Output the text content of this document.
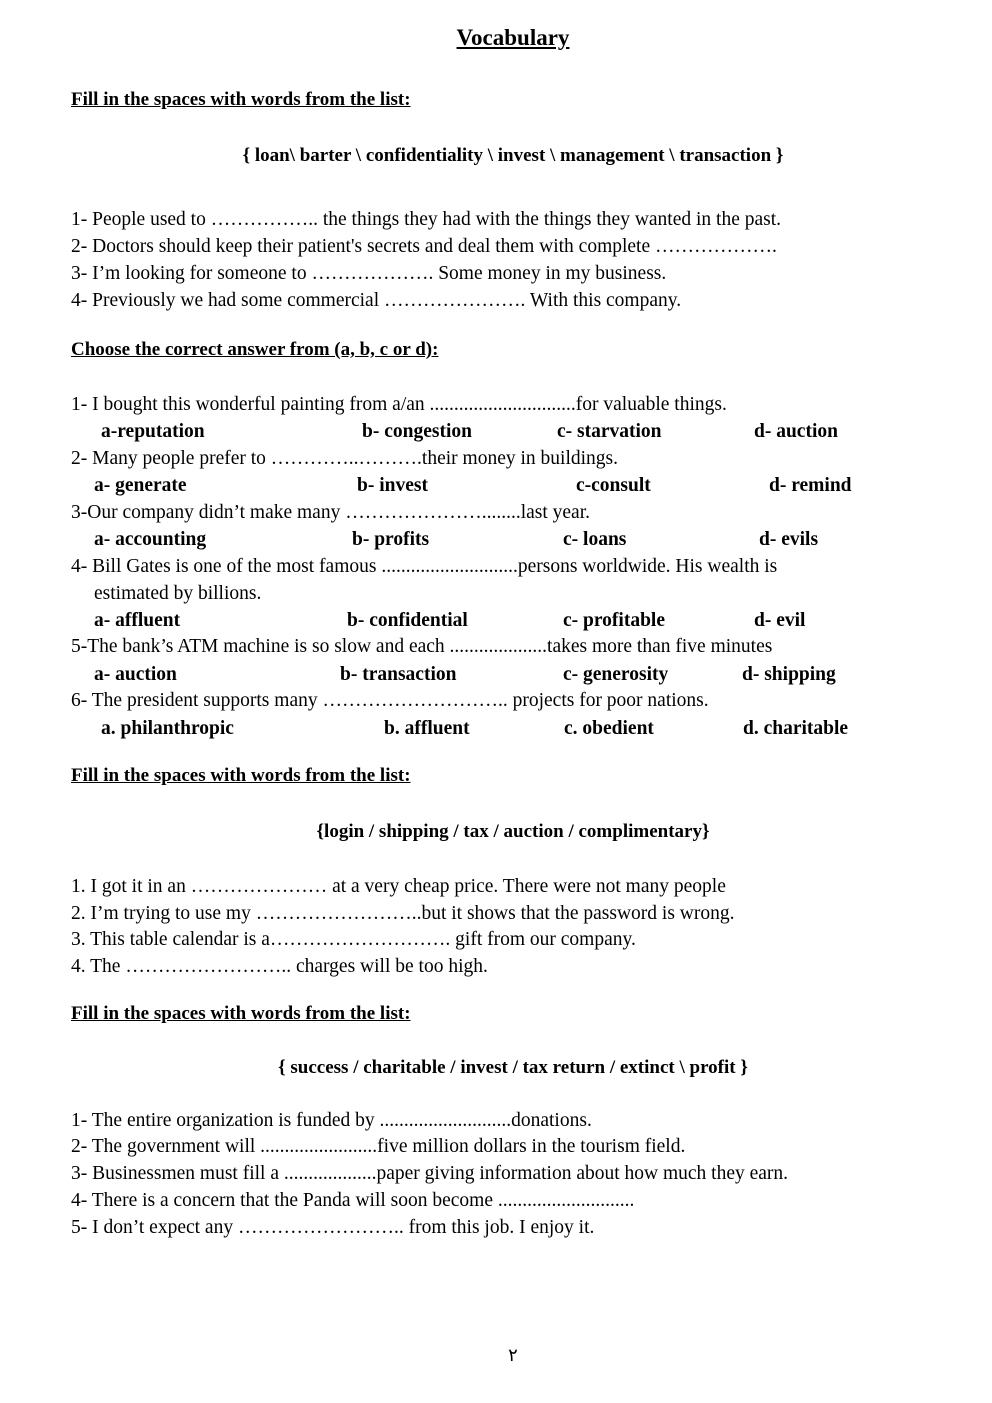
Vocabulary
Fill in the spaces with words from the list:
{ loan\ barter \ confidentiality \ invest \ management \ transaction }
1- People used to …………….. the things they had with the things they wanted in the past.
2- Doctors should keep their patient's secrets and deal them with complete ……………….
3- I’m looking for someone to ………………. Some money in my business.
4- Previously we had some commercial …………………. With this company.
Choose the correct answer from (a, b, c or d):
1- I bought this wonderful painting from a/an ..............................for valuable things.
a-reputation	b- congestion	c- starvation	d- auction
2- Many people prefer to …………..……….their money in buildings.
a- generate	b- invest	c-consult	d- remind
3-Our company didn’t make many …………………........last year.
a- accounting	b- profits	c- loans	d- evils
4- Bill Gates is one of the most famous ............................persons worldwide. His wealth is
estimated by billions.
a- affluent	b- confidential	c- profitable	d- evil
5-The bank’s ATM machine is so slow and each ....................takes more than five minutes
a- auction	b- transaction	c- generosity	d- shipping
6- The president supports many ……………………….. projects for poor nations.
a. philanthropic	b. affluent	c. obedient	d. charitable
Fill in the spaces with words from the list:
{login / shipping / tax / auction / complimentary}
1. I got it in an ………………… at a very cheap price. There were not many people
2. I’m trying to use my ……………………..but it shows that the password is wrong.
3. This table calendar is a………………………. gift from our company.
4. The …………………….. charges will be too high.
Fill in the spaces with words from the list:
{ success / charitable / invest / tax return / extinct \ profit }
1- The entire organization is funded by ...........................donations.
2- The government will ........................five million dollars in the tourism field.
3- Businessmen must fill a ...................paper giving information about how much they earn.
4- There is a concern that the Panda will soon become ............................
5- I don’t expect any …………………….. from this job. I enjoy it.
٢
